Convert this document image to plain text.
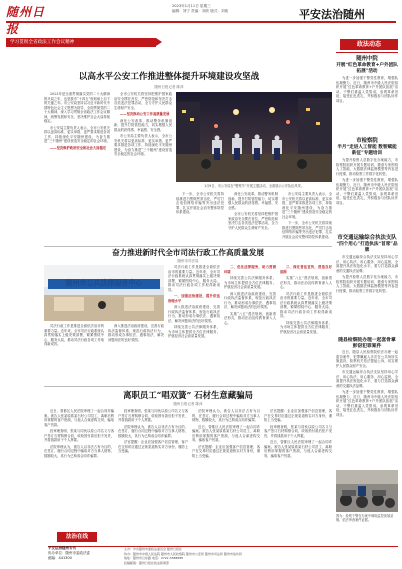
随州日报
2023年1月11日 星期三
编辑：刘宁 责编：刘欣 版式：刘欢	平安法治随州
学习贯彻全省政法工作会议精神
以高水平公安工作推进整体提升环境建设攻坚战
随州日报记者 陈萍

2023年是全面贯彻落实党的二十大精神的开局之年，也是我市“十四五”规划承上启下的关键之年。市公安局坚持以习近平新时代中国特色社会主义思想为指导，全面贯彻党的二十大精神，深入学习贯彻全省政法工作会议精神，统筹发展和安全，坚决维护社会大局持续稳定。

市公安局主要负责人表示，全市公安机关将以更高标准、更实举措、更严要求推进各项工作，持续深化平安随州建设，为奋力推进“三个随州”建设营造安全稳定的社会环境。

——坚决维护政治安全和社会大局稳定

全市公安机关将坚持把维护国家政治安全摆在首位，严密防范和坚决打击各类违法犯罪活动，全力守护人民群众生命财产安全。

——坚决推动公安工作高质量发展

深化公安改革，推动警务机制创新，提升打防管控能力，切实增强人民群众的获得感、幸福感、安全感。

市公安局主要负责人表示，全市公安机关将以更高标准、更实举措、更严要求推进各项工作，持续深化平安随州建设，为奋力推进“三个随州”建设营造安全稳定的社会环境。

1月9日，市公安局在“警察节”开展主题活动，全面展示公安队伍风采。

下一步，全市公安机关将持续推进扫黑除恶常态化，严厉打击电信网络诈骗等突出违法犯罪，扎实开展社会治安整体防控体系建设。

深化公安改革，推动警务机制创新，提升打防管控能力，切实增强人民群众的获得感、幸福感、安全感。

全市公安机关将坚持把维护国家政治安全摆在首位，严密防范和坚决打击各类违法犯罪活动，全力守护人民群众生命财产安全。

市公安局主要负责人表示，全市公安机关将以更高标准、更实举措、更严要求推进各项工作，持续深化平安随州建设，为奋力推进“三个随州”建设营造安全稳定的社会环境。

下一步，全市公安机关将持续推进扫黑除恶常态化，严厉打击电信网络诈骗等突出违法犯罪，扎实开展社会治安整体防控体系建设。

奋力推进新时代全市司法行政工作高质量发展
随州市司法局
随州市公共法律服务中心

司法行政工作是推进全面依法治市的重要力量。近年来，全市司法行政系统认真贯彻落实上级决策部署，紧紧围绕中心、服务大局，推动司法行政各项工作取得新成效。

深入推进法治政府建设，完善行政执法监督体系，规范行政执法行为，推动形成办事依法、遇事找法、解决问题用法的良好氛围。

司法行政工作是推进全面依法治市的重要力量。近年来，全市司法行政系统认真贯彻落实上级决策部署，紧紧围绕中心、服务大局，推动司法行政各项工作取得新成效。

一、加强法治建设，提升依法治理水平

深入推进法治政府建设，完善行政执法监督体系，规范行政执法行为，推动形成办事依法、遇事找法、解决问题用法的良好氛围。

持续完善公共法律服务体系，为市场主体提供全方位法律服务，护航经济社会高质量发展。

二、优化法律服务，助力营商环境

持续完善公共法律服务体系，为市场主体提供全方位法律服务，护航经济社会高质量发展。

深入推进法治政府建设，完善行政执法监督体系，规范行政执法行为，推动形成办事依法、遇事找法、解决问题用法的良好氛围。

实施“八五”普法规划，创新普法形式，推动法治宣传教育深入人心。

三、深化普法宣传，营造良好氛围

实施“八五”普法规划，创新普法形式，推动法治宣传教育深入人心。

司法行政工作是推进全面依法治市的重要力量。近年来，全市司法行政系统认真贯彻落实上级决策部署，紧紧围绕中心、服务大局，推动司法行政各项工作取得新成效。

持续完善公共法律服务体系，为市场主体提供全方位法律服务，护航经济社会高质量发展。

离职员工“唱双簧” 石材生意藏骗局
随州日报记者 陈萍

近日，曾都区人民法院审理了一起合同诈骗案。被告人张某原系某石材公司员工，离职后利用掌握的客户资源，与他人合谋虚构交易，骗取客户货款。

经审理查明，张某与同伙以原公司名义与客户签订石材购销合同，收取预付款后拒不发货，并将钱款用于个人挥霍。

法院审理认为，被告人以非法占有为目的，在签订、履行合同过程中骗取对方当事人财物，数额较大，其行为已构成合同诈骗罪。

经审理查明，张某与同伙以原公司名义与客户签订石材购销合同，收取预付款后拒不发货，并将钱款用于个人挥霍。

法院审理认为，被告人以非法占有为目的，在签订、履行合同过程中骗取对方当事人财物，数额较大，其行为已构成合同诈骗罪。

法官提醒：企业应加强客户信息管理，客户在交易时应通过正规渠道核实对方身份，谨防上当受骗。

法院审理认为，被告人以非法占有为目的，在签订、履行合同过程中骗取对方当事人财物，数额较大，其行为已构成合同诈骗罪。

近日，曾都区人民法院审理了一起合同诈骗案。被告人张某原系某石材公司员工，离职后利用掌握的客户资源，与他人合谋虚构交易，骗取客户货款。

法官提醒：企业应加强客户信息管理，客户在交易时应通过正规渠道核实对方身份，谨防上当受骗。

法官提醒：企业应加强客户信息管理，客户在交易时应通过正规渠道核实对方身份，谨防上当受骗。

经审理查明，张某与同伙以原公司名义与客户签订石材购销合同，收取预付款后拒不发货，并将钱款用于个人挥霍。

近日，曾都区人民法院审理了一起合同诈骗案。被告人张某原系某石材公司员工，离职后利用掌握的客户资源，与他人合谋虚构交易，骗取客户货款。

政法动态
随州中院
开展“红色革命教育+户外团队拓展”活动

为进一步加强干警党性教育，增强队伍凝聚力，近日，随州市中级人民法院组织开展“红色革命教育+户外团队拓展”活动，干警们重温入党誓词，参观革命旧址，接受红色洗礼，并积极参与团队协作项目。

市检察院
半月“走进人工智能 数智赋能新征”专题培训

为提升检察人员数字化办案能力，市检察院组织开展专题培训，邀请专家围绕人工智能、大数据法律监督模型等内容进行授课，推动检察工作数字化转型。

为进一步加强干警党性教育，增强队伍凝聚力，近日，随州市中级人民法院组织开展“红色革命教育+户外团队拓展”活动，干警们重温入党誓词，参观革命旧址，接受红色洗礼，并积极参与团队协作项目。

市交通运输综合执法支队
“四个用心”打造执法“首席”品牌

市交通运输综合执法支队坚持用心学法、用心执法、用心服务、用心监督，全面提升执法规范化水平，着力打造群众满意的交通执法品牌。

为提升检察人员数字化办案能力，市检察院组织开展专题培训，邀请专家围绕人工智能、大数据法律监督模型等内容进行授课，推动检察工作数字化转型。

随县检察院办理一起套骨掌彭窃犯罪案件

近日，随县人民检察院依法办理一起盗窃案件，犯罪嫌疑人多次在公共场所实施盗窃，检察机关依法提起公诉，切实维护人民群众财产安全。

市交通运输综合执法支队坚持用心学法、用心执法、用心服务、用心监督，全面提升执法规范化水平，着力打造群众满意的交通执法品牌。

为进一步加强干警党性教育，增强队伍凝聚力，近日，随州市中级人民法院组织开展“红色革命教育+户外团队拓展”活动，干警们重温入党誓词，参观革命旧址，接受红色洗礼，并积极参与团队协作项目。

图为：检察干警在办案中调取监控视频录像，依法审查案件证据。
法治在线
平安法治随州专刊
协办单位：随州市委政法委
邮编：441300
主办：中共随州市委政法委员会 随州日报社
协办：随州市中级人民法院 随州市人民检察院 随州市公安局 随州市司法局 随州市信访局
地址：随州市汉东路 电话：0722-3588888
投稿邮箱：随州日报社政法新闻部
